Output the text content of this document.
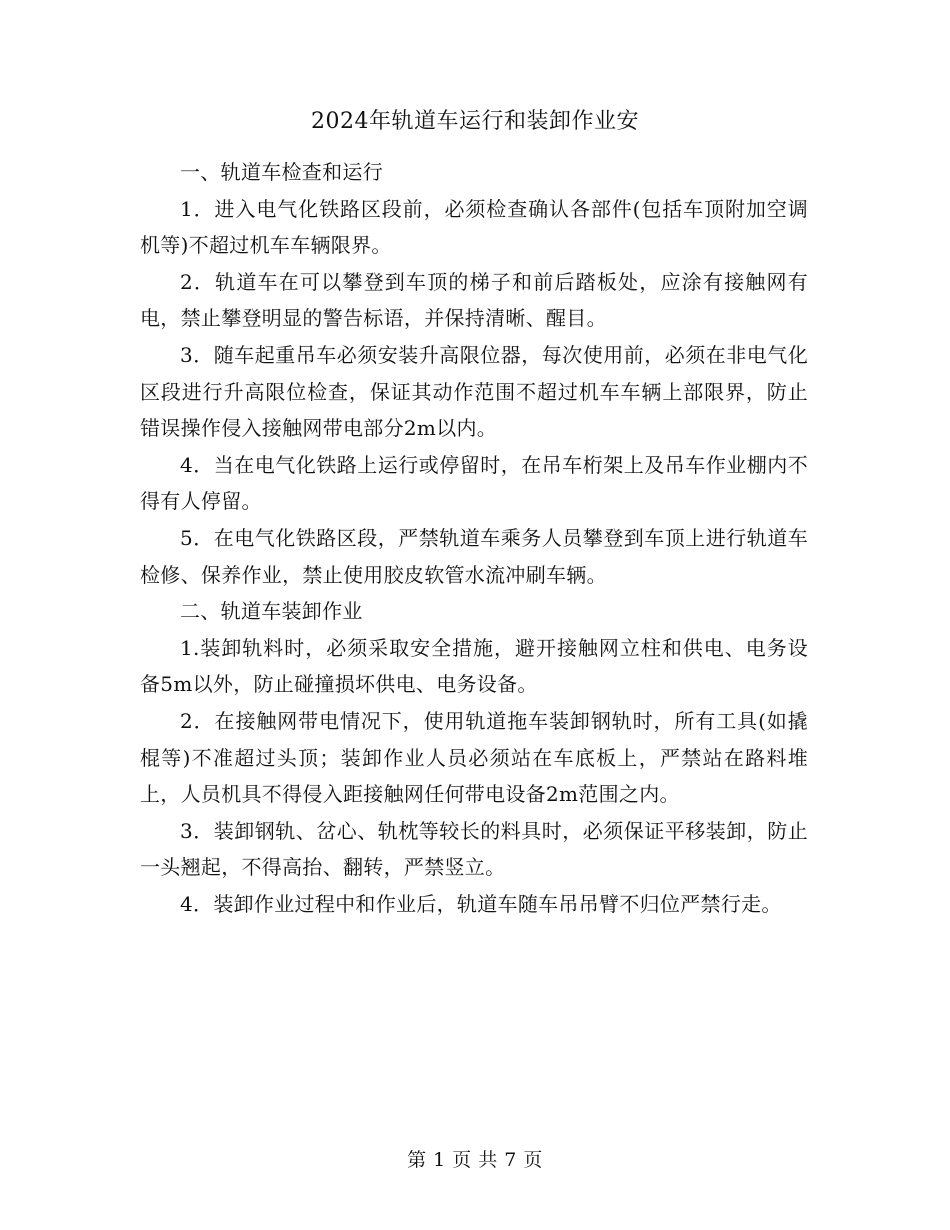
2024年轨道车运行和装卸作业安

一、轨道车检查和运行

1．进入电气化铁路区段前，必须检查确认各部件(包括车顶附加空调机等)不超过机车车辆限界。

2．轨道车在可以攀登到车顶的梯子和前后踏板处，应涂有接触网有电，禁止攀登明显的警告标语，并保持清晰、醒目。

3．随车起重吊车必须安装升高限位器，每次使用前，必须在非电气化区段进行升高限位检查，保证其动作范围不超过机车车辆上部限界，防止错误操作侵入接触网带电部分2m以内。

4．当在电气化铁路上运行或停留时，在吊车桁架上及吊车作业棚内不得有人停留。

5．在电气化铁路区段，严禁轨道车乘务人员攀登到车顶上进行轨道车检修、保养作业，禁止使用胶皮软管水流冲刷车辆。

二、轨道车装卸作业

1.装卸轨料时，必须采取安全措施，避开接触网立柱和供电、电务设备5m以外，防止碰撞损坏供电、电务设备。

2．在接触网带电情况下，使用轨道拖车装卸钢轨时，所有工具(如撬棍等)不准超过头顶；装卸作业人员必须站在车底板上，严禁站在路料堆上，人员机具不得侵入距接触网任何带电设备2m范围之内。

3．装卸钢轨、岔心、轨枕等较长的料具时，必须保证平移装卸，防止一头翘起，不得高抬、翻转，严禁竖立。

4．装卸作业过程中和作业后，轨道车随车吊吊臂不归位严禁行走。

第 1 页 共 7 页
